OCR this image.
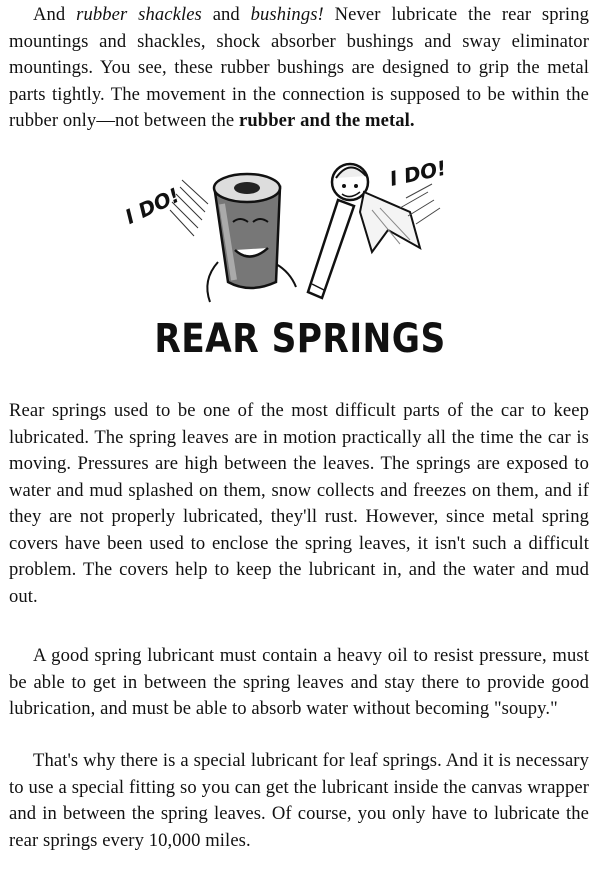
And rubber shackles and bushings! Never lubricate the rear spring mountings and shackles, shock absorber bushings and sway eliminator mountings. You see, these rubber bushings are designed to grip the metal parts tightly. The movement in the connection is supposed to be within the rubber only—not between the rubber and the metal.

I DO!
I DO!
REAR SPRINGS

Rear springs used to be one of the most difficult parts of the car to keep lubricated. The spring leaves are in motion practically all the time the car is moving. Pressures are high between the leaves. The springs are exposed to water and mud splashed on them, snow collects and freezes on them, and if they are not properly lubricated, they'll rust. However, since metal spring covers have been used to enclose the spring leaves, it isn't such a difficult problem. The covers help to keep the lubricant in, and the water and mud out.

A good spring lubricant must contain a heavy oil to resist pressure, must be able to get in between the spring leaves and stay there to provide good lubrication, and must be able to absorb water without becoming "soupy."

That's why there is a special lubricant for leaf springs. And it is necessary to use a special fitting so you can get the lubricant inside the canvas wrapper and in between the spring leaves. Of course, you only have to lubricate the rear springs every 10,000 miles.
